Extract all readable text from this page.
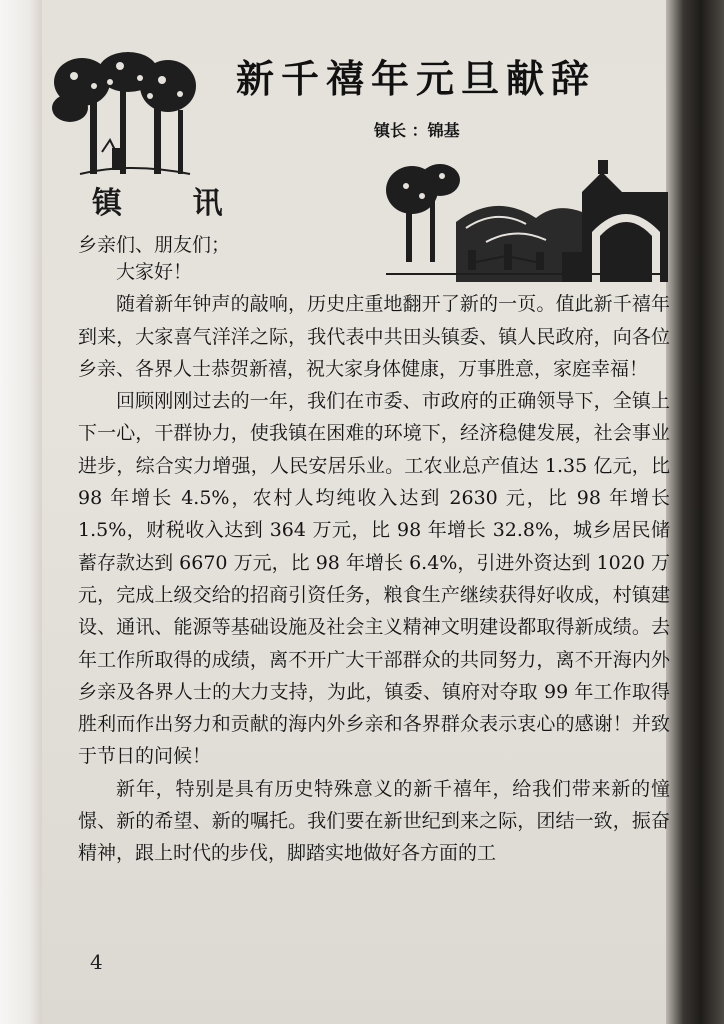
镇 讯
新千禧年元旦献辞
镇长 ：锦基
乡亲们、朋友们；

大家好！

随着新年钟声的敲响，历史庄重地翻开了新的一页。值此新千禧年到来，大家喜气洋洋之际，我代表中共田头镇委、镇人民政府，向各位乡亲、各界人士恭贺新禧，祝大家身体健康，万事胜意，家庭幸福！

回顾刚刚过去的一年，我们在市委、市政府的正确领导下，全镇上下一心，干群协力，使我镇在困难的环境下，经济稳健发展，社会事业进步，综合实力增强，人民安居乐业。工农业总产值达 1.35 亿元，比 98 年增长 4.5%，农村人均纯收入达到 2630 元，比 98 年增长 1.5%，财税收入达到 364 万元，比 98 年增长 32.8%，城乡居民储蓄存款达到 6670 万元，比 98 年增长 6.4%，引进外资达到 1020 万元，完成上级交给的招商引资任务，粮食生产继续获得好收成，村镇建设、通讯、能源等基础设施及社会主义精神文明建设都取得新成绩。去年工作所取得的成绩，离不开广大干部群众的共同努力，离不开海内外乡亲及各界人士的大力支持，为此，镇委、镇府对夺取 99 年工作取得胜利而作出努力和贡献的海内外乡亲和各界群众表示衷心的感谢！并致于节日的问候！

新年，特别是具有历史特殊意义的新千禧年，给我们带来新的憧憬、新的希望、新的嘱托。我们要在新世纪到来之际，团结一致，振奋精神，跟上时代的步伐，脚踏实地做好各方面的工

4
